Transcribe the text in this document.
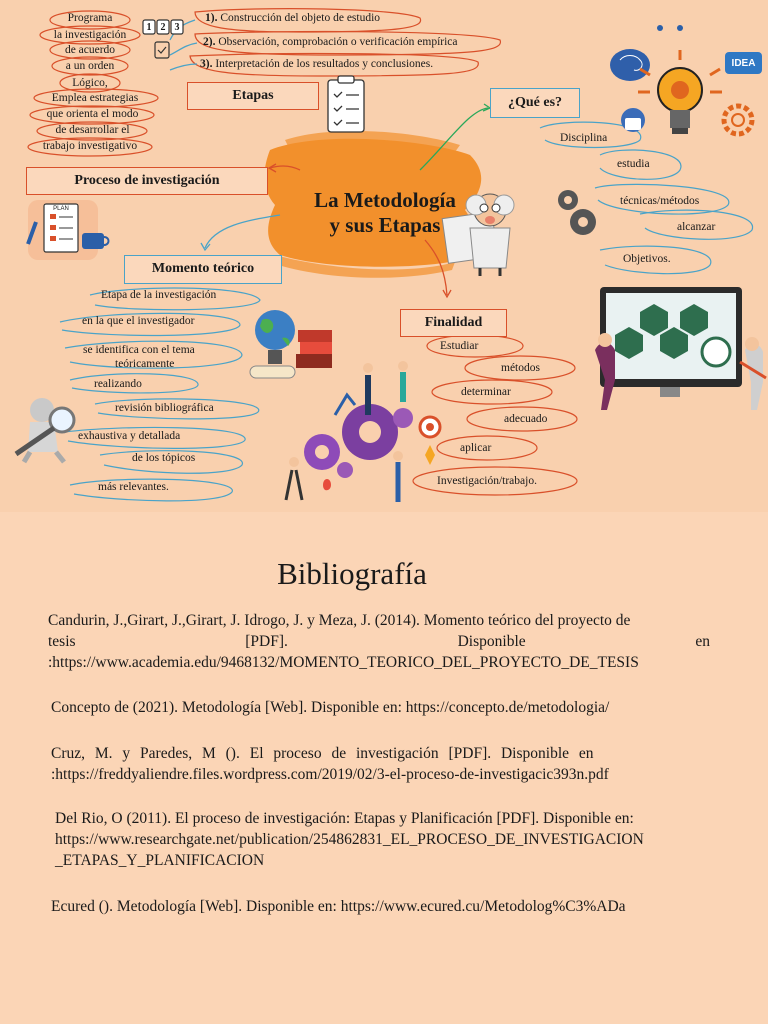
Programa
la investigación
de acuerdo
a un orden
Lógico,
Emplea estrategias
que orienta el modo
de desarrollar el
trabajo investigativo
1 2 3
1). Construcción del objeto de estudio
2). Observación, comprobación o verificación empírica
3). Interpretación de los resultados y conclusiones.
Etapas	¿Qué es?
Proceso de investigación
Momento teórico
Finalidad
La Metodología
y sus Etapas
IDEA
PLAN
Disciplina
estudia
técnicas/métodos
alcanzar
Objetivos.
Etapa de la investigación
en la que el investigador
se identifica con el tema
teóricamente
realizando
revisión bibliográfica
exhaustiva y detallada
de los tópicos
más relevantes.
Estudiar
métodos
determinar
adecuado
aplicar
Investigación/trabajo.
Bibliografía
Candurin, J.,Girart, J.,Girart, J. Idrogo, J. y Meza, J. (2014). Momento teórico del proyecto de
tesis	[PDF].	Disponible	en
:https://www.academia.edu/9468132/MOMENTO_TEORICO_DEL_PROYECTO_DE_TESIS
Concepto de (2021). Metodología [Web]. Disponible en: https://concepto.de/metodologia/
Cruz, M. y Paredes, M (). El proceso de investigación [PDF]. Disponible en
:https://freddyaliendre.files.wordpress.com/2019/02/3-el-proceso-de-investigacic393n.pdf
Del Rio, O (2011). El proceso de investigación: Etapas y Planificación [PDF]. Disponible en:
https://www.researchgate.net/publication/254862831_EL_PROCESO_DE_INVESTIGACION
_ETAPAS_Y_PLANIFICACION
Ecured (). Metodología [Web]. Disponible en: https://www.ecured.cu/Metodolog%C3%ADa
